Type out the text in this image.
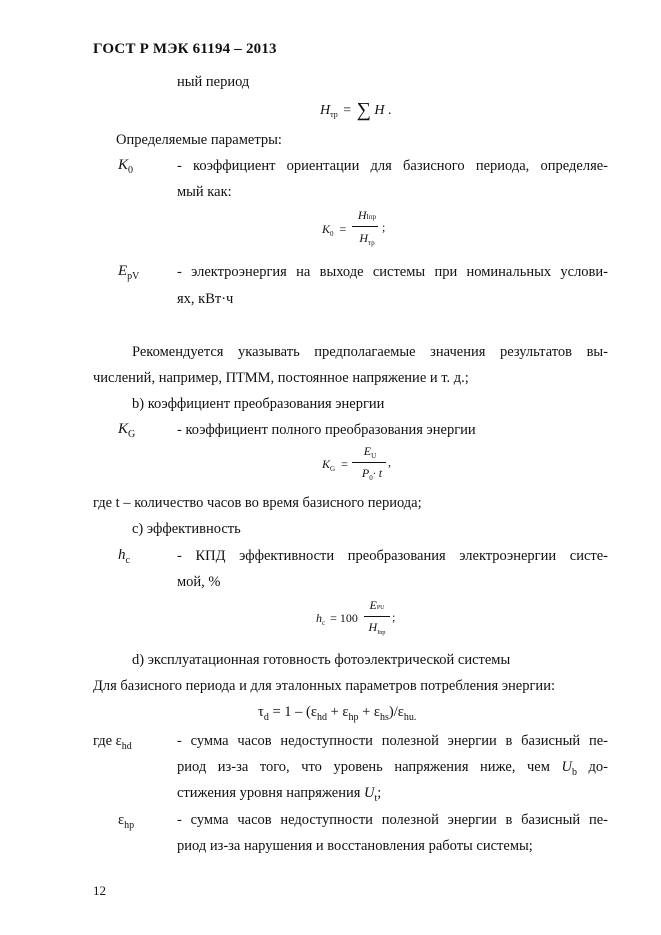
ГОСТ Р МЭК 61194 – 2013
ный период
$H_{тр}$ = ∑ H .
Определяемые параметры:
$K_0$	- коэффициент ориентации для базисного периода, определяе-
мый как:
$K_0$ =
HIпр
$H_{тр}$
;
$E_{pV}$	- электроэнергия на выходе системы при номинальных услови-
ях, кВт·ч
Рекомендуется указывать предполагаемые значения результатов вы-
числений, например, ПТММ, постоянное напряжение и т. д.;
b) коэффициент преобразования энергии
$K_G$	- коэффициент полного преобразования энергии
$K_G$ =
$E_U$
$P_0\cdot t$
,
где t – количество часов во время базисного периода;
c) эффективность
$h_c$	- КПД эффективности преобразования электроэнергии систе-
мой, %
$h_c = 100$
EPU
$H_{Iпр}$
;
d) эксплуатационная готовность фотоэлектрической системы
Для базисного периода и для эталонных параметров потребления энергии:
$\tau_d = 1 - (\varepsilon_{hd} + \varepsilon_{hp} + \varepsilon_{hs})/\varepsilon_{hu.}$
где $\varepsilon_{hd}$	- сумма часов недоступности полезной энергии в базисный пе-
риод из-за того, что уровень напряжения ниже, чем $U_b$ до-
стижения уровня напряжения $U_t$;
$\varepsilon_{hp}$	- сумма часов недоступности полезной энергии в базисный пе-
риод из-за нарушения и восстановления работы системы;
12
